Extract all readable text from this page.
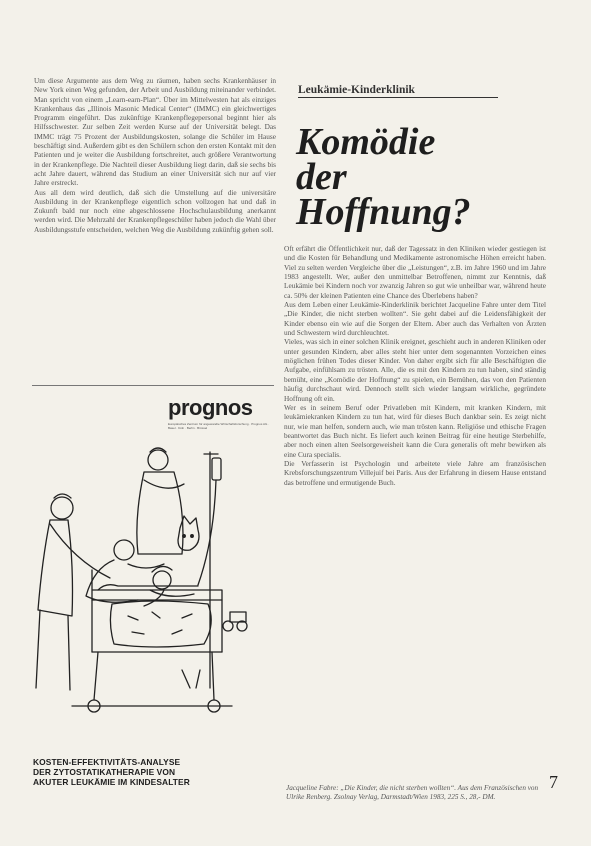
Um diese Argumente aus dem Weg zu räumen, haben sechs Krankenhäuser in New York einen Weg gefunden, der Arbeit und Ausbildung miteinander verbindet. Man spricht von einem „Learn-earn-Plan“. Über im Mittelwesten hat als einziges Krankenhaus das „Illinois Masonic Medical Center“ (IMMC) ein gleichwertiges Programm eingeführt. Das zukünftige Krankenpflegepersonal beginnt hier als Hilfsschwester. Zur selben Zeit werden Kurse auf der Universität belegt. Das IMMC trägt 75 Prozent der Ausbildungskosten, solange die Schüler im Hause beschäftigt sind. Außerdem gibt es den Schülern schon den ersten Kontakt mit den Patienten und je weiter die Ausbildung fortschreitet, auch größere Verantwortung in der Krankenpflege. Die Nachteil dieser Ausbildung liegt darin, daß sie sechs bis acht Jahre dauert, während das Studium an einer Universität sich nur auf vier Jahre erstreckt.

Aus all dem wird deutlich, daß sich die Umstellung auf die universitäre Ausbildung in der Krankenpflege eigentlich schon vollzogen hat und daß in Zukunft bald nur noch eine abgeschlossene Hochschulausbildung anerkannt werden wird. Die Mehrzahl der Krankenpflegeschüler haben jedoch die Wahl über Ausbildungsstufe entscheiden, welchen Weg die Ausbildung zukünftig gehen soll.

Leukämie-Kinderklinik
Komödie
der
Hoffnung?

Oft erfährt die Öffentlichkeit nur, daß der Tagessatz in den Kliniken wieder gestiegen ist und die Kosten für Behandlung und Medikamente astronomische Höhen erreicht haben. Viel zu selten werden Vergleiche über die „Leistungen“, z.B. im Jahre 1960 und im Jahre 1983 angestellt. Wer, außer den unmittelbar Betroffenen, nimmt zur Kenntnis, daß Leukämie bei Kindern noch vor zwanzig Jahren so gut wie unheilbar war, während heute ca. 50% der kleinen Patienten eine Chance des Überlebens haben?

Aus dem Leben einer Leukämie-Kinderklinik berichtet Jacqueline Fahre unter dem Titel „Die Kinder, die nicht sterben wollten“. Sie geht dabei auf die Leidensfähigkeit der Kinder ebenso ein wie auf die Sorgen der Eltern. Aber auch das Verhalten von Ärzten und Schwestern wird durchleuchtet.

Vieles, was sich in einer solchen Klinik ereignet, geschieht auch in anderen Kliniken oder unter gesunden Kindern, aber alles steht hier unter dem sogenannten Vorzeichen eines möglichen frühen Todes dieser Kinder. Von daher ergibt sich für alle Beschäftigten die Aufgabe, einfühlsam zu trösten. Alle, die es mit den Kindern zu tun haben, sind ständig bemüht, eine „Komödie der Hoffnung“ zu spielen, ein Bemühen, das von den Patienten häufig durchschaut wird. Dennoch stellt sich wieder langsam wirkliche, gegründete Hoffnung oft ein.

Wer es in seinem Beruf oder Privatleben mit Kindern, mit kranken Kindern, mit leukämiekranken Kindern zu tun hat, wird für dieses Buch dankbar sein. Es zeigt nicht nur, wie man helfen, sondern auch, wie man trösten kann. Religiöse und ethische Fragen beantwortet das Buch nicht. Es liefert auch keinen Beitrag für eine heutige Sterbehilfe, aber noch einen alten Seelsorgeweisheit kann die Cura generalis oft mehr bewirken als eine Cura specialis.

Die Verfasserin ist Psychologin und arbeitete viele Jahre am französischen Krebsforschungszentrum Villejuif bei Paris. Aus der Erfahrung in diesem Hause entstand das betroffene und ermutigende Buch.

Jacqueline Fabre: „Die Kinder, die nicht sterben wollten“. Aus dem Französischen von Ulrike Renberg. Zsolnay Verlag, Darmstadt/Wien 1983, 225 S., 28,- DM.
7
prognos
Europäisches Zentrum für angewandte Wirtschaftsforschung · Prognos AG · Basel · Köln · Berlin · Brüssel
KOSTEN-EFFEKTIVITÄTS-ANALYSE
DER ZYTOSTATIKATHERAPIE VON
AKUTER LEUKÄMIE IM KINDESALTER
